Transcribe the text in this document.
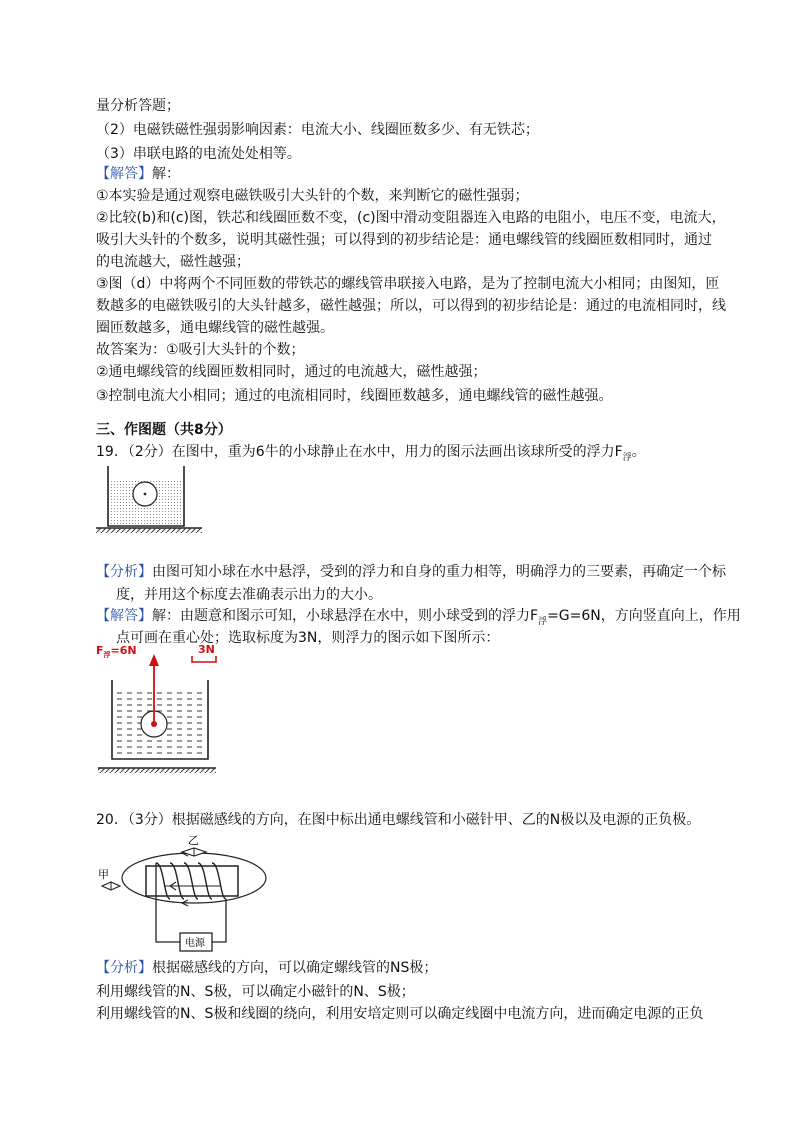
量分析答题；
（2）电磁铁磁性强弱影响因素：电流大小、线圈匝数多少、有无铁芯；
（3）串联电路的电流处处相等。
【解答】解：
①本实验是通过观察电磁铁吸引大头针的个数，来判断它的磁性强弱；
②比较(b)和(c)图，铁芯和线圈匝数不变，(c)图中滑动变阻器连入电路的电阻小，电压不变，电流大，
吸引大头针的个数多，说明其磁性强；可以得到的初步结论是：通电螺线管的线圈匝数相同时，通过
的电流越大，磁性越强；
③图（d）中将两个不同匝数的带铁芯的螺线管串联接入电路，是为了控制电流大小相同；由图知，匝
数越多的电磁铁吸引的大头针越多，磁性越强；所以，可以得到的初步结论是：通过的电流相同时，线
圈匝数越多，通电螺线管的磁性越强。
故答案为：①吸引大头针的个数；
②通电螺线管的线圈匝数相同时，通过的电流越大，磁性越强；
③控制电流大小相同；通过的电流相同时，线圈匝数越多，通电螺线管的磁性越强。
三、作图题（共8分）
19．（2分）在图中，重为6牛的小球静止在水中，用力的图示法画出该球所受的浮力$F_浮$。
【分析】由图可知小球在水中悬浮，受到的浮力和自身的重力相等，明确浮力的三要素，再确定一个标
度，并用这个标度去准确表示出力的大小。
【解答】解：由题意和图示可知，小球悬浮在水中，则小球受到的浮力$F_浮=G=6N$，方向竖直向上，作用
点可画在重心处；选取标度为3N，则浮力的图示如下图所示：
$F_浮=6N$	3N
20．（3分）根据磁感线的方向，在图中标出通电螺线管和小磁针甲、乙的N极以及电源的正负极。
乙
甲
电源
【分析】根据磁感线的方向，可以确定螺线管的NS极；
利用螺线管的N、S极，可以确定小磁针的N、S极；
利用螺线管的N、S极和线圈的绕向，利用安培定则可以确定线圈中电流方向，进而确定电源的正负
